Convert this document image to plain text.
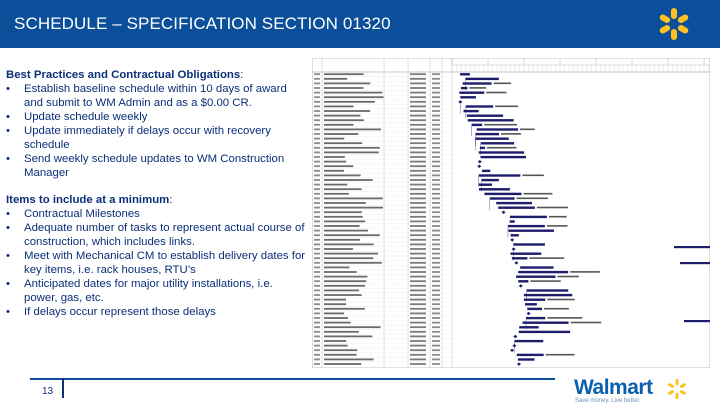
SCHEDULE – SPECIFICATION SECTION 01320
Best Practices and Contractual Obligations:
• Establish baseline schedule within 10 days of award and submit to WM Admin and as a $0.00 CR.
• Update schedule weekly
• Update immediately if delays occur with recovery schedule
• Send weekly schedule updates to WM Construction Manager
Items to include at a minimum:
• Contractual Milestones
• Adequate number of tasks to represent actual course of construction, which includes links.
• Meet with Mechanical CM to establish delivery dates for key items, i.e. rack houses, RTU’s
• Anticipated dates for major utility installations, i.e. power, gas, etc.
• If delays occur represent those delays
13	Walmart
Save money. Live better.
